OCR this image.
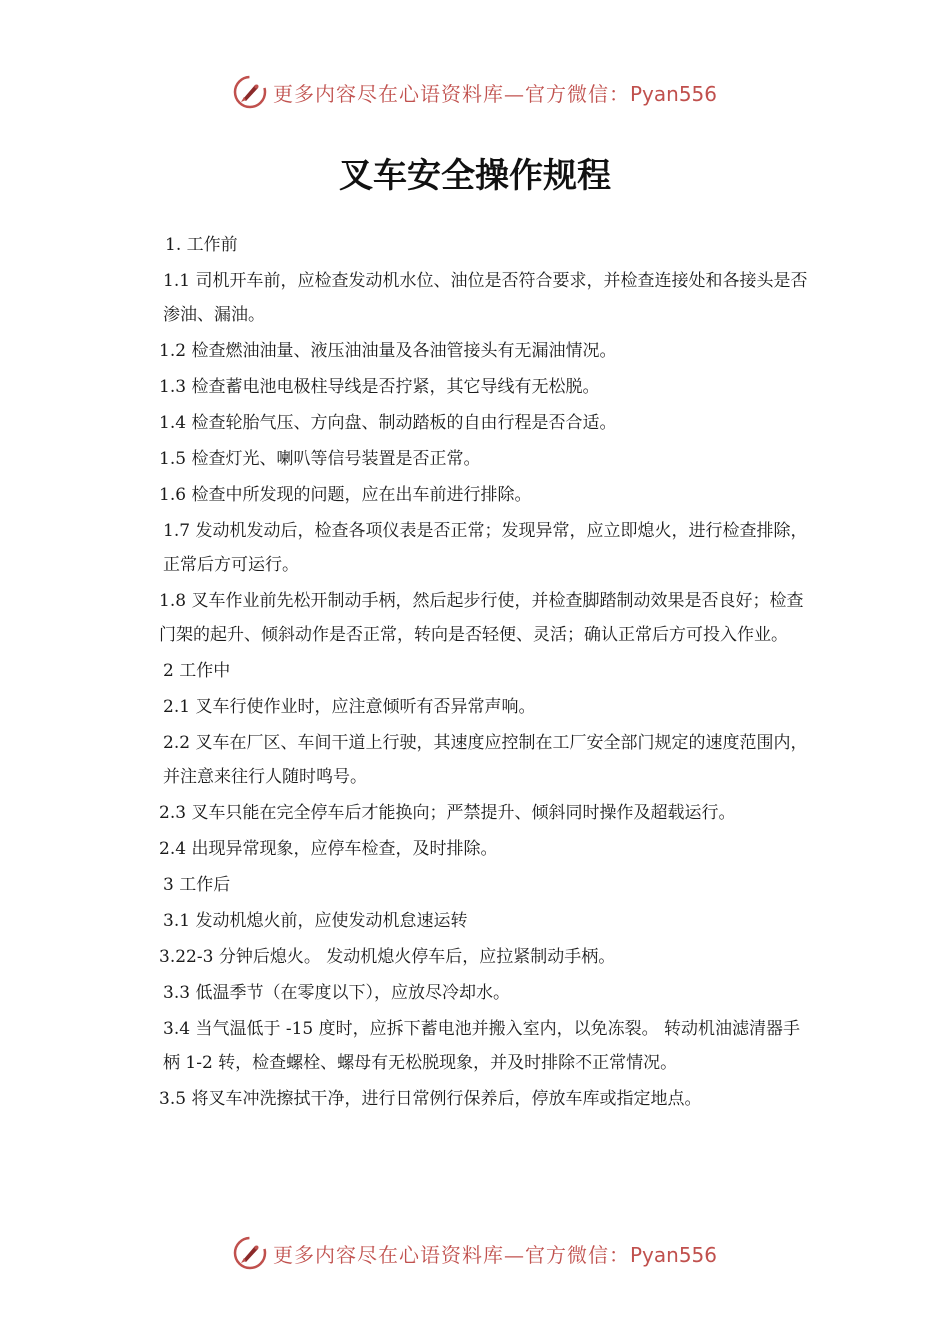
更多内容尽在心语资料库—官方微信：Pyan556
叉车安全操作规程

1. 工作前

1.1 司机开车前，应检查发动机水位、油位是否符合要求，并检查连接处和各接头是否渗油、漏油。

1.2 检查燃油油量、液压油油量及各油管接头有无漏油情况。

1.3 检查蓄电池电极柱导线是否拧紧，其它导线有无松脱。

1.4 检查轮胎气压、方向盘、制动踏板的自由行程是否合适。

1.5 检查灯光、喇叭等信号装置是否正常。

1.6 检查中所发现的问题，应在出车前进行排除。

1.7 发动机发动后，检查各项仪表是否正常；发现异常，应立即熄火，进行检查排除，正常后方可运行。

1.8 叉车作业前先松开制动手柄，然后起步行使，并检查脚踏制动效果是否良好；检查门架的起升、倾斜动作是否正常，转向是否轻便、灵活；确认正常后方可投入作业。

2 工作中

2.1 叉车行使作业时，应注意倾听有否异常声响。

2.2 叉车在厂区、车间干道上行驶，其速度应控制在工厂安全部门规定的速度范围内，并注意来往行人随时鸣号。

2.3 叉车只能在完全停车后才能换向；严禁提升、倾斜同时操作及超载运行。

2.4 出现异常现象，应停车检查，及时排除。

3 工作后

3.1 发动机熄火前，应使发动机怠速运转

3.22-3 分钟后熄火。 发动机熄火停车后，应拉紧制动手柄。

3.3 低温季节（在零度以下），应放尽冷却水。

3.4 当气温低于 -15 度时，应拆下蓄电池并搬入室内，以免冻裂。 转动机油滤清器手柄 1-2 转，检查螺栓、螺母有无松脱现象，并及时排除不正常情况。

3.5 将叉车冲洗擦拭干净，进行日常例行保养后，停放车库或指定地点。

更多内容尽在心语资料库—官方微信：Pyan556
